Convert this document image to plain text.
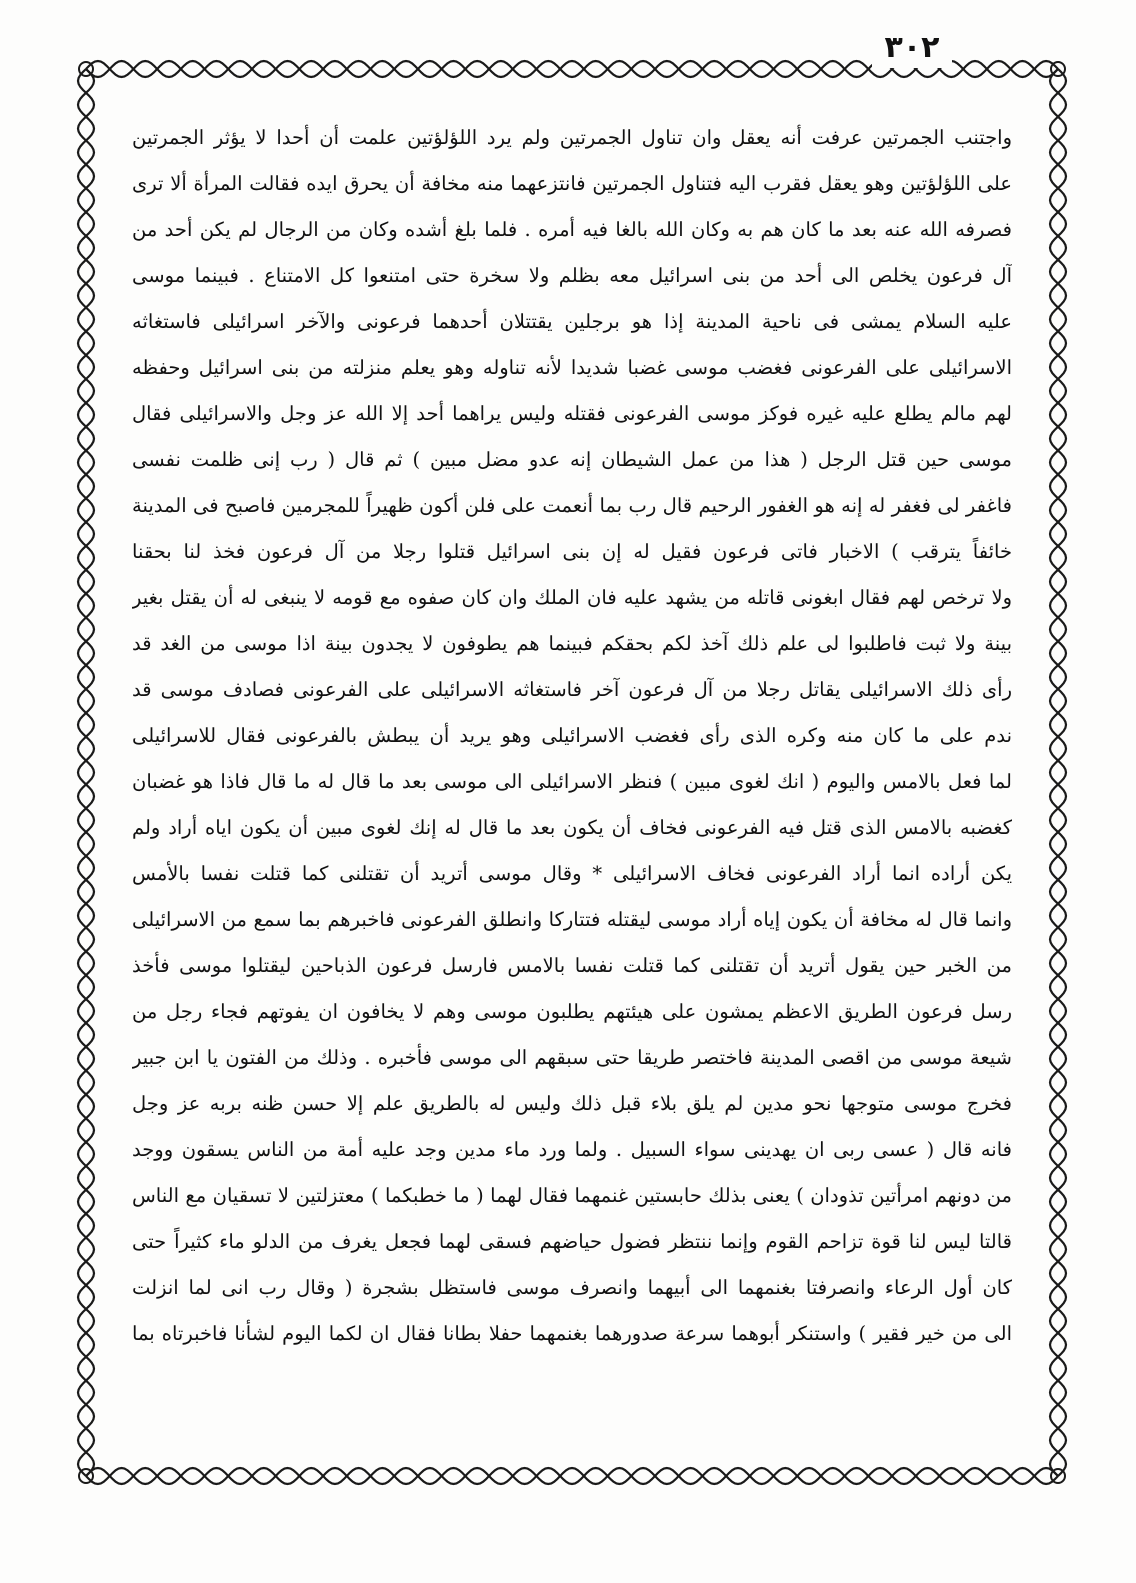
٣٠٢
واجتنب الجمرتين عرفت أنه يعقل وان تناول الجمرتين ولم يرد اللؤلؤتين علمت أن أحدا لا يؤثر الجمرتين
على اللؤلؤتين وهو يعقل فقرب اليه فتناول الجمرتين فانتزعهما منه مخافة أن يحرق ايده فقالت المرأة ألا ترى
فصرفه الله عنه بعد ما كان هم به وكان الله بالغا فيه أمره . فلما بلغ أشده وكان من الرجال لم يكن أحد من
آل فرعون يخلص الى أحد من بنى اسرائيل معه بظلم ولا سخرة حتى امتنعوا كل الامتناع . فبينما موسى
عليه السلام يمشى فى ناحية المدينة إذا هو برجلين يقتتلان أحدهما فرعونى والآخر اسرائيلى فاستغاثه
الاسرائيلى على الفرعونى فغضب موسى غضبا شديدا لأنه تناوله وهو يعلم منزلته من بنى اسرائيل وحفظه
لهم مالم يطلع عليه غيره فوكز موسى الفرعونى فقتله وليس يراهما أحد إلا الله عز وجل والاسرائيلى فقال
موسى حين قتل الرجل ( هذا من عمل الشيطان إنه عدو مضل مبين ) ثم قال ( رب إنى ظلمت نفسى
فاغفر لى فغفر له إنه هو الغفور الرحيم قال رب بما أنعمت على فلن أكون ظهيراً للمجرمين فاصبح فى المدينة
خائفاً يترقب ) الاخبار فاتى فرعون فقيل له إن بنى اسرائيل قتلوا رجلا من آل فرعون فخذ لنا بحقنا
ولا ترخص لهم فقال ابغونى قاتله من يشهد عليه فان الملك وان كان صفوه مع قومه لا ينبغى له أن يقتل بغير
بينة ولا ثبت فاطلبوا لى علم ذلك آخذ لكم بحقكم فبينما هم يطوفون لا يجدون بينة اذا موسى من الغد قد
رأى ذلك الاسرائيلى يقاتل رجلا من آل فرعون آخر فاستغاثه الاسرائيلى على الفرعونى فصادف موسى قد
ندم على ما كان منه وكره الذى رأى فغضب الاسرائيلى وهو يريد أن يبطش بالفرعونى فقال للاسرائيلى
لما فعل بالامس واليوم ( انك لغوى مبين ) فنظر الاسرائيلى الى موسى بعد ما قال له ما قال فاذا هو غضبان
كغضبه بالامس الذى قتل فيه الفرعونى فخاف أن يكون بعد ما قال له إنك لغوى مبين أن يكون اياه أراد ولم
يكن أراده انما أراد الفرعونى فخاف الاسرائيلى * وقال موسى أتريد أن تقتلنى كما قتلت نفسا بالأمس
وانما قال له مخافة أن يكون إياه أراد موسى ليقتله فتتاركا وانطلق الفرعونى فاخبرهم بما سمع من الاسرائيلى
من الخبر حين يقول أتريد أن تقتلنى كما قتلت نفسا بالامس فارسل فرعون الذباحين ليقتلوا موسى فأخذ
رسل فرعون الطريق الاعظم يمشون على هيئتهم يطلبون موسى وهم لا يخافون ان يفوتهم فجاء رجل من
شيعة موسى من اقصى المدينة فاختصر طريقا حتى سبقهم الى موسى فأخبره . وذلك من الفتون يا ابن جبير
فخرج موسى متوجها نحو مدين لم يلق بلاء قبل ذلك وليس له بالطريق علم إلا حسن ظنه بربه عز وجل
فانه قال ( عسى ربى ان يهدينى سواء السبيل . ولما ورد ماء مدين وجد عليه أمة من الناس يسقون ووجد
من دونهم امرأتين تذودان ) يعنى بذلك حابستين غنمهما فقال لهما ( ما خطبكما ) معتزلتين لا تسقيان مع الناس
قالتا ليس لنا قوة تزاحم القوم وإنما ننتظر فضول حياضهم فسقى لهما فجعل يغرف من الدلو ماء كثيراً حتى
كان أول الرعاء وانصرفتا بغنمهما الى أبيهما وانصرف موسى فاستظل بشجرة ( وقال رب انى لما انزلت
الى من خير فقير ) واستنكر أبوهما سرعة صدورهما بغنمهما حفلا بطانا فقال ان لكما اليوم لشأنا فاخبرتاه بما
